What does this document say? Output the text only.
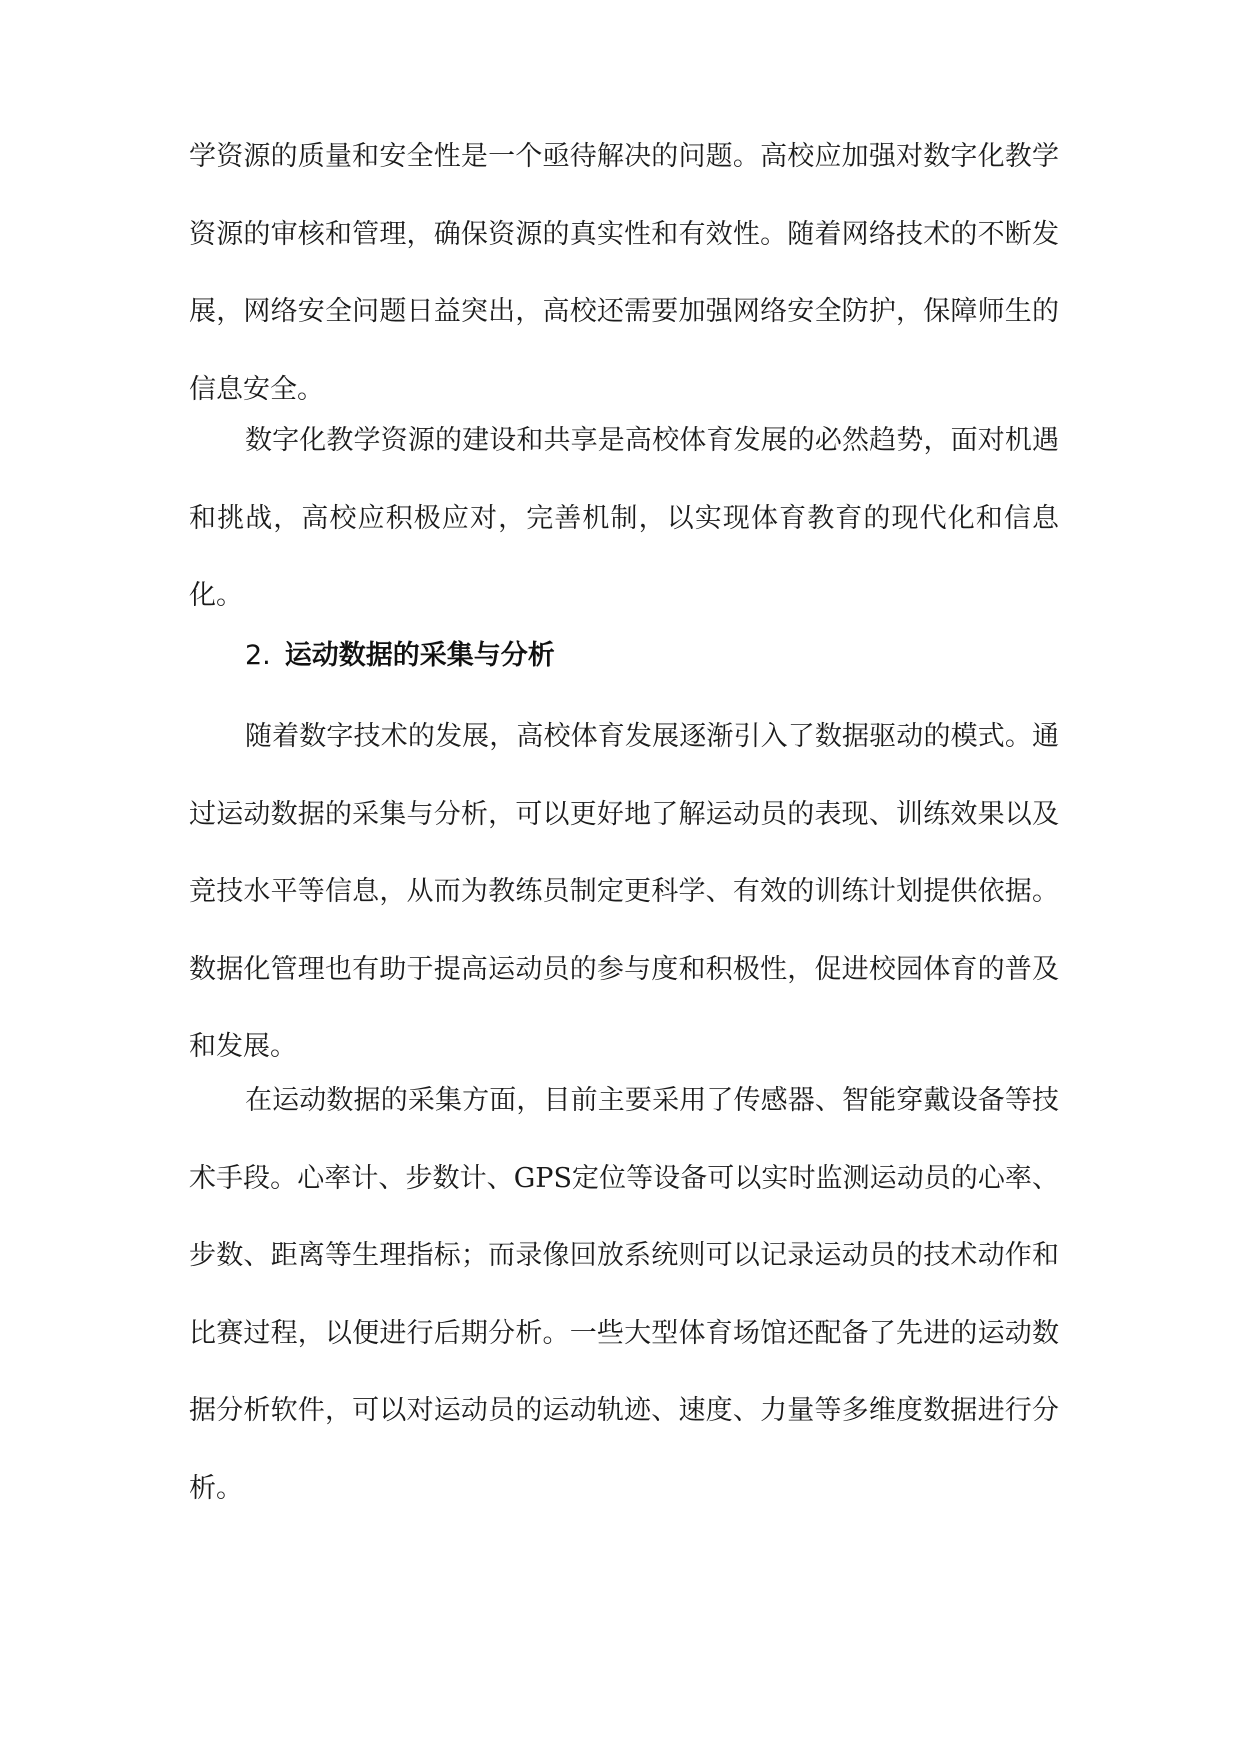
学资源的质量和安全性是一个亟待解决的问题。高校应加强对数字化教学资源的审核和管理，确保资源的真实性和有效性。随着网络技术的不断发展，网络安全问题日益突出，高校还需要加强网络安全防护，保障师生的信息安全。

数字化教学资源的建设和共享是高校体育发展的必然趋势，面对机遇和挑战，高校应积极应对，完善机制，以实现体育教育的现代化和信息化。

2. 运动数据的采集与分析

随着数字技术的发展，高校体育发展逐渐引入了数据驱动的模式。通过运动数据的采集与分析，可以更好地了解运动员的表现、训练效果以及竞技水平等信息，从而为教练员制定更科学、有效的训练计划提供依据。数据化管理也有助于提高运动员的参与度和积极性，促进校园体育的普及和发展。

在运动数据的采集方面，目前主要采用了传感器、智能穿戴设备等技术手段。心率计、步数计、GPS定位等设备可以实时监测运动员的心率、步数、距离等生理指标；而录像回放系统则可以记录运动员的技术动作和比赛过程，以便进行后期分析。一些大型体育场馆还配备了先进的运动数据分析软件，可以对运动员的运动轨迹、速度、力量等多维度数据进行分析。
